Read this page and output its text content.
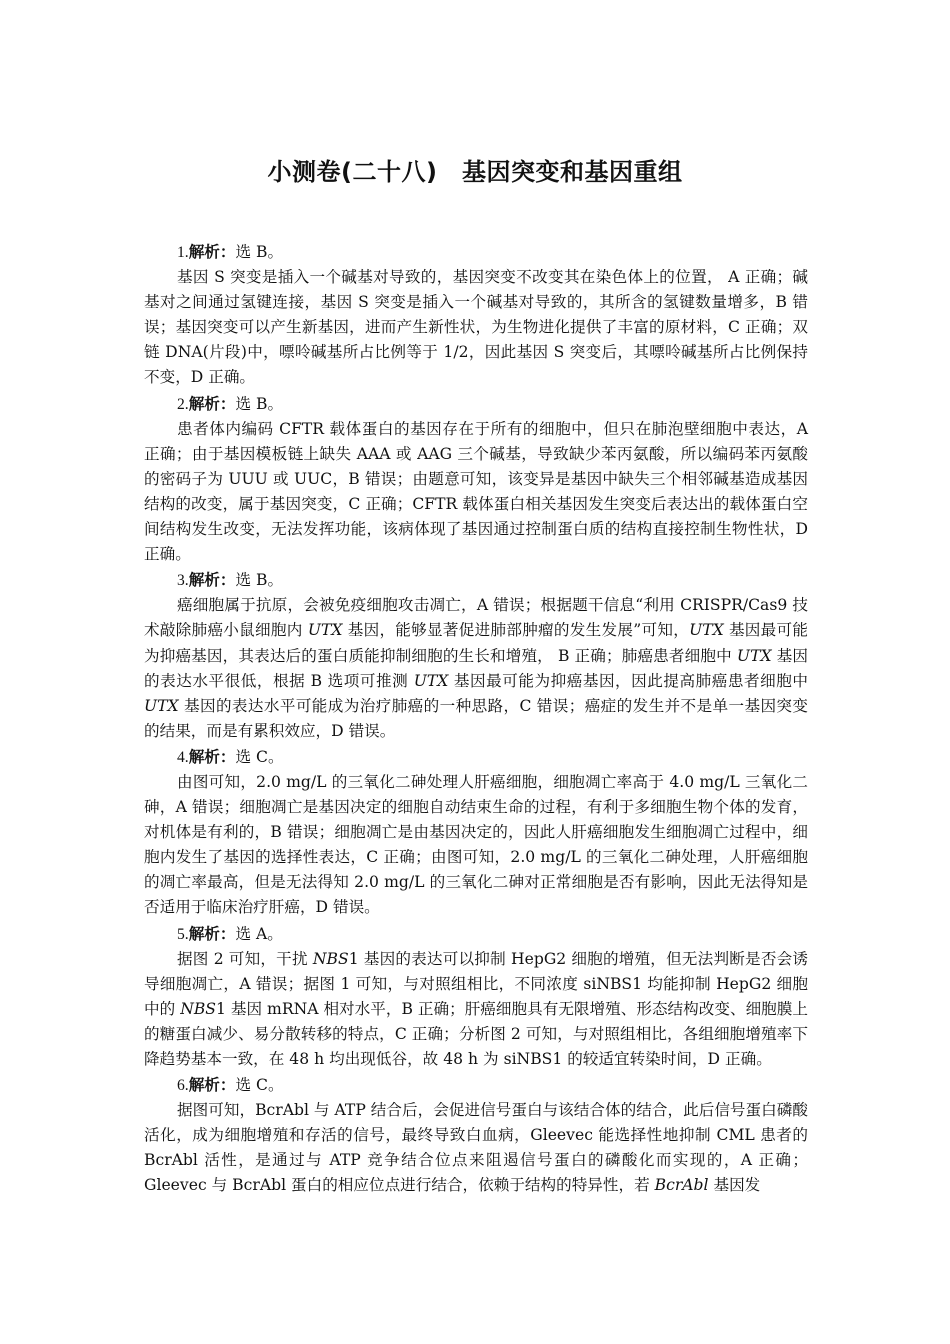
小测卷(二十八)　基因突变和基因重组

1.解析：选 B。

基因 S 突变是插入一个碱基对导致的，基因突变不改变其在染色体上的位置， A 正确；碱基对之间通过氢键连接，基因 S 突变是插入一个碱基对导致的，其所含的氢键数量增多，B 错误；基因突变可以产生新基因，进而产生新性状，为生物进化提供了丰富的原材料，C 正确；双链 DNA(片段)中，嘌呤碱基所占比例等于 1/2，因此基因 S 突变后，其嘌呤碱基所占比例保持不变，D 正确。

2.解析：选 B。

患者体内编码 CFTR 载体蛋白的基因存在于所有的细胞中，但只在肺泡壁细胞中表达，A 正确；由于基因模板链上缺失 AAA 或 AAG 三个碱基，导致缺少苯丙氨酸，所以编码苯丙氨酸的密码子为 UUU 或 UUC，B 错误；由题意可知，该变异是基因中缺失三个相邻碱基造成基因结构的改变，属于基因突变，C 正确；CFTR 载体蛋白相关基因发生突变后表达出的载体蛋白空间结构发生改变，无法发挥功能，该病体现了基因通过控制蛋白质的结构直接控制生物性状，D 正确。

3.解析：选 B。

癌细胞属于抗原，会被免疫细胞攻击凋亡，A 错误；根据题干信息“利用 CRISPR/Cas9 技术敲除肺癌小鼠细胞内 UTX 基因，能够显著促进肺部肿瘤的发生发展”可知，UTX 基因最可能为抑癌基因，其表达后的蛋白质能抑制细胞的生长和增殖， B 正确；肺癌患者细胞中 UTX 基因的表达水平很低，根据 B 选项可推测 UTX 基因最可能为抑癌基因，因此提高肺癌患者细胞中 UTX 基因的表达水平可能成为治疗肺癌的一种思路，C 错误；癌症的发生并不是单一基因突变的结果，而是有累积效应，D 错误。

4.解析：选 C。

由图可知，2.0 mg/L 的三氧化二砷处理人肝癌细胞，细胞凋亡率高于 4.0 mg/L 三氧化二砷，A 错误；细胞凋亡是基因决定的细胞自动结束生命的过程，有利于多细胞生物个体的发育，对机体是有利的，B 错误；细胞凋亡是由基因决定的，因此人肝癌细胞发生细胞凋亡过程中，细胞内发生了基因的选择性表达，C 正确；由图可知，2.0 mg/L 的三氧化二砷处理，人肝癌细胞的凋亡率最高，但是无法得知 2.0 mg/L 的三氧化二砷对正常细胞是否有影响，因此无法得知是否适用于临床治疗肝癌，D 错误。

5.解析：选 A。

据图 2 可知，干扰 NBS1 基因的表达可以抑制 HepG2 细胞的增殖，但无法判断是否会诱导细胞凋亡，A 错误；据图 1 可知，与对照组相比，不同浓度 siNBS1 均能抑制 HepG2 细胞中的 NBS1 基因 mRNA 相对水平，B 正确；肝癌细胞具有无限增殖、形态结构改变、细胞膜上的糖蛋白减少、易分散转移的特点，C 正确；分析图 2 可知，与对照组相比，各组细胞增殖率下降趋势基本一致，在 48 h 均出现低谷，故 48 h 为 siNBS1 的较适宜转染时间，D 正确。

6.解析：选 C。

据图可知，BcrAbl 与 ATP 结合后，会促进信号蛋白与该结合体的结合，此后信号蛋白磷酸活化，成为细胞增殖和存活的信号，最终导致白血病，Gleevec 能选择性地抑制 CML 患者的 BcrAbl 活性，是通过与 ATP 竞争结合位点来阻遏信号蛋白的磷酸化而实现的，A 正确；Gleevec 与 BcrAbl 蛋白的相应位点进行结合，依赖于结构的特异性，若 BcrAbl 基因发
